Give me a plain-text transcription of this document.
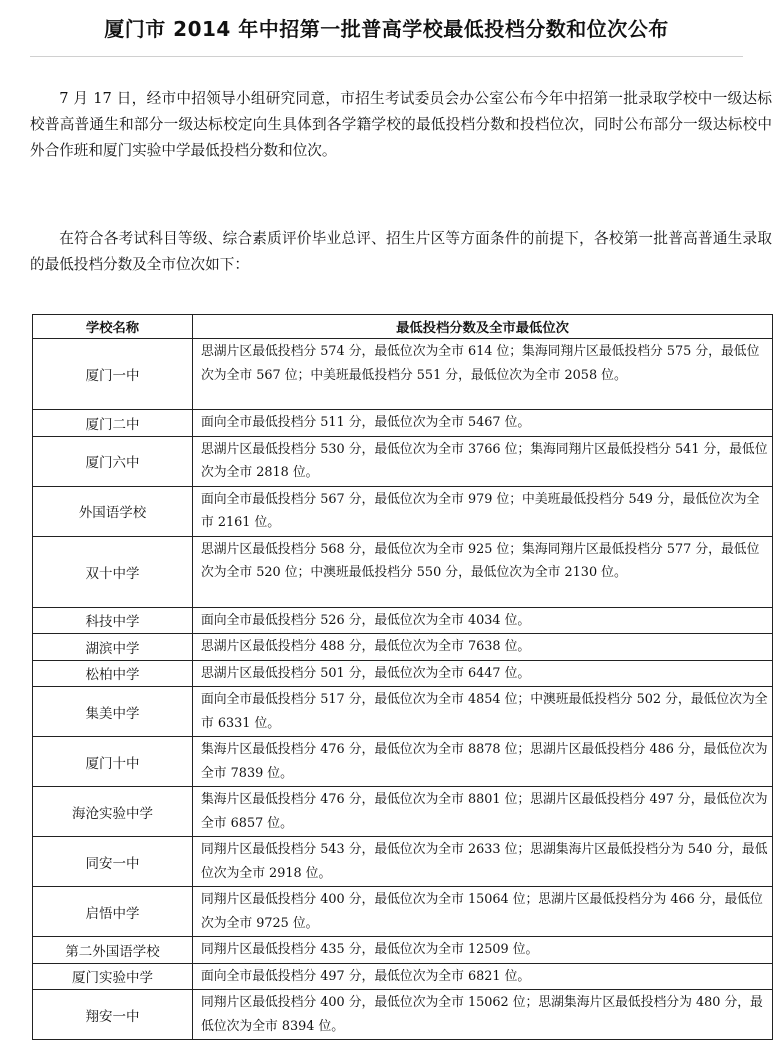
厦门市 2014 年中招第一批普高学校最低投档分数和位次公布

7 月 17 日，经市中招领导小组研究同意，市招生考试委员会办公室公布今年中招第一批录取学校中一级达标校普高普通生和部分一级达标校定向生具体到各学籍学校的最低投档分数和投档位次，同时公布部分一级达标校中外合作班和厦门实验中学最低投档分数和位次。

在符合各考试科目等级、综合素质评价毕业总评、招生片区等方面条件的前提下，各校第一批普高普通生录取的最低投档分数及全市位次如下：

学校名称	最低投档分数及全市最低位次
厦门一中	思湖片区最低投档分 574 分，最低位次为全市 614 位；集海同翔片区最低投档分 575 分，最低位次为全市 567 位；中美班最低投档分 551 分，最低位次为全市 2058 位。
厦门二中	面向全市最低投档分 511 分，最低位次为全市 5467 位。
厦门六中	思湖片区最低投档分 530 分，最低位次为全市 3766 位；集海同翔片区最低投档分 541 分，最低位次为全市 2818 位。
外国语学校	面向全市最低投档分 567 分，最低位次为全市 979 位；中美班最低投档分 549 分，最低位次为全市 2161 位。
双十中学	思湖片区最低投档分 568 分，最低位次为全市 925 位；集海同翔片区最低投档分 577 分，最低位次为全市 520 位；中澳班最低投档分 550 分，最低位次为全市 2130 位。
科技中学	面向全市最低投档分 526 分，最低位次为全市 4034 位。
湖滨中学	思湖片区最低投档分 488 分，最低位次为全市 7638 位。
松柏中学	思湖片区最低投档分 501 分，最低位次为全市 6447 位。
集美中学	面向全市最低投档分 517 分，最低位次为全市 4854 位；中澳班最低投档分 502 分，最低位次为全市 6331 位。
厦门十中	集海片区最低投档分 476 分，最低位次为全市 8878 位；思湖片区最低投档分 486 分，最低位次为全市 7839 位。
海沧实验中学	集海片区最低投档分 476 分，最低位次为全市 8801 位；思湖片区最低投档分 497 分，最低位次为全市 6857 位。
同安一中	同翔片区最低投档分 543 分，最低位次为全市 2633 位；思湖集海片区最低投档分为 540 分，最低位次为全市 2918 位。
启悟中学	同翔片区最低投档分 400 分，最低位次为全市 15064 位；思湖片区最低投档分为 466 分，最低位次为全市 9725 位。
第二外国语学校	同翔片区最低投档分 435 分，最低位次为全市 12509 位。
厦门实验中学	面向全市最低投档分 497 分，最低位次为全市 6821 位。
翔安一中	同翔片区最低投档分 400 分，最低位次为全市 15062 位；思湖集海片区最低投档分为 480 分，最低位次为全市 8394 位。
